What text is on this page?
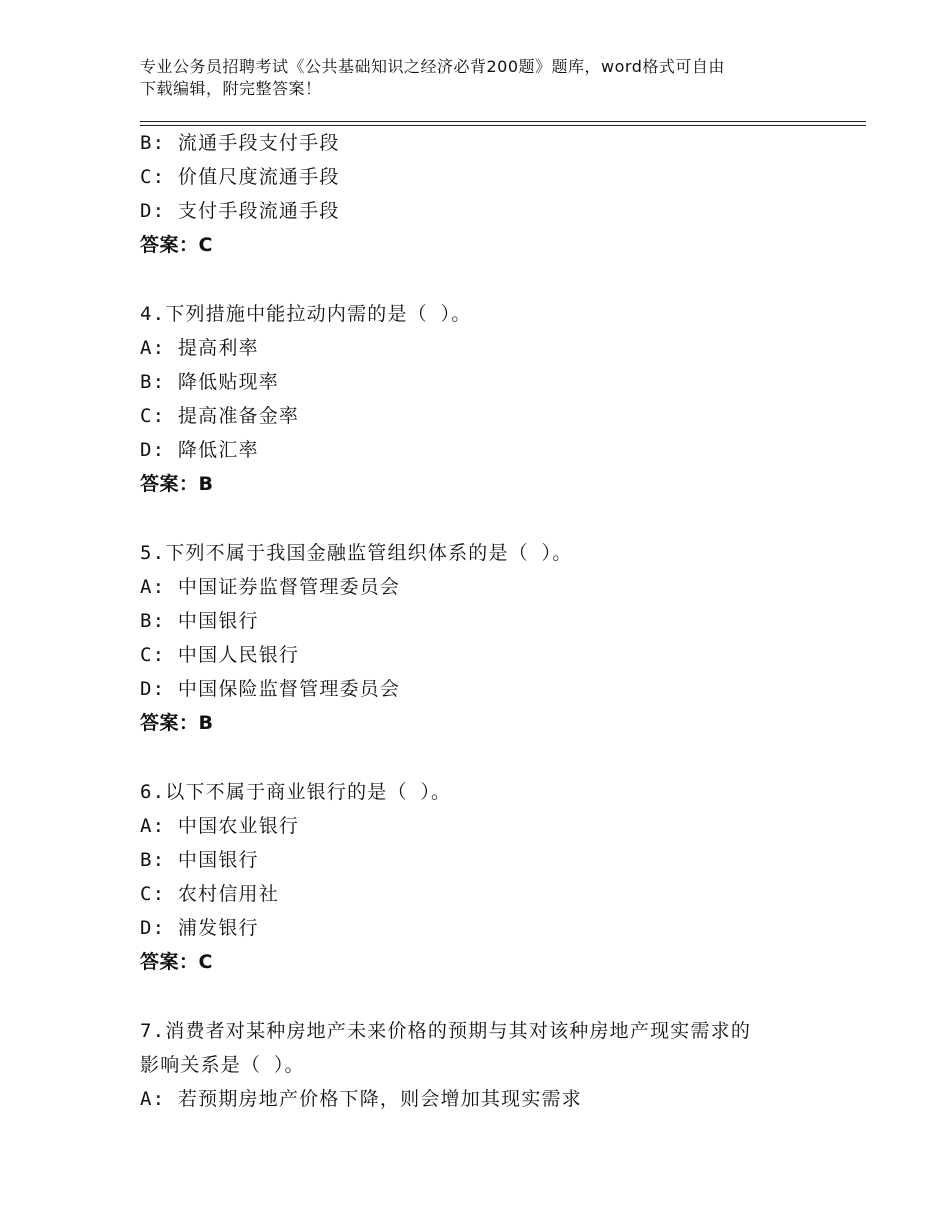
专业公务员招聘考试《公共基础知识之经济必背200题》题库，word格式可自由
下载编辑，附完整答案！
B: 流通手段支付手段
C: 价值尺度流通手段
D: 支付手段流通手段
答案：C
4.下列措施中能拉动内需的是（ ）。
A: 提高利率
B: 降低贴现率
C: 提高准备金率
D: 降低汇率
答案：B
5.下列不属于我国金融监管组织体系的是（ ）。
A: 中国证券监督管理委员会
B: 中国银行
C: 中国人民银行
D: 中国保险监督管理委员会
答案：B
6.以下不属于商业银行的是（ ）。
A: 中国农业银行
B: 中国银行
C: 农村信用社
D: 浦发银行
答案：C
7.消费者对某种房地产未来价格的预期与其对该种房地产现实需求的
影响关系是（ ）。
A: 若预期房地产价格下降，则会增加其现实需求
